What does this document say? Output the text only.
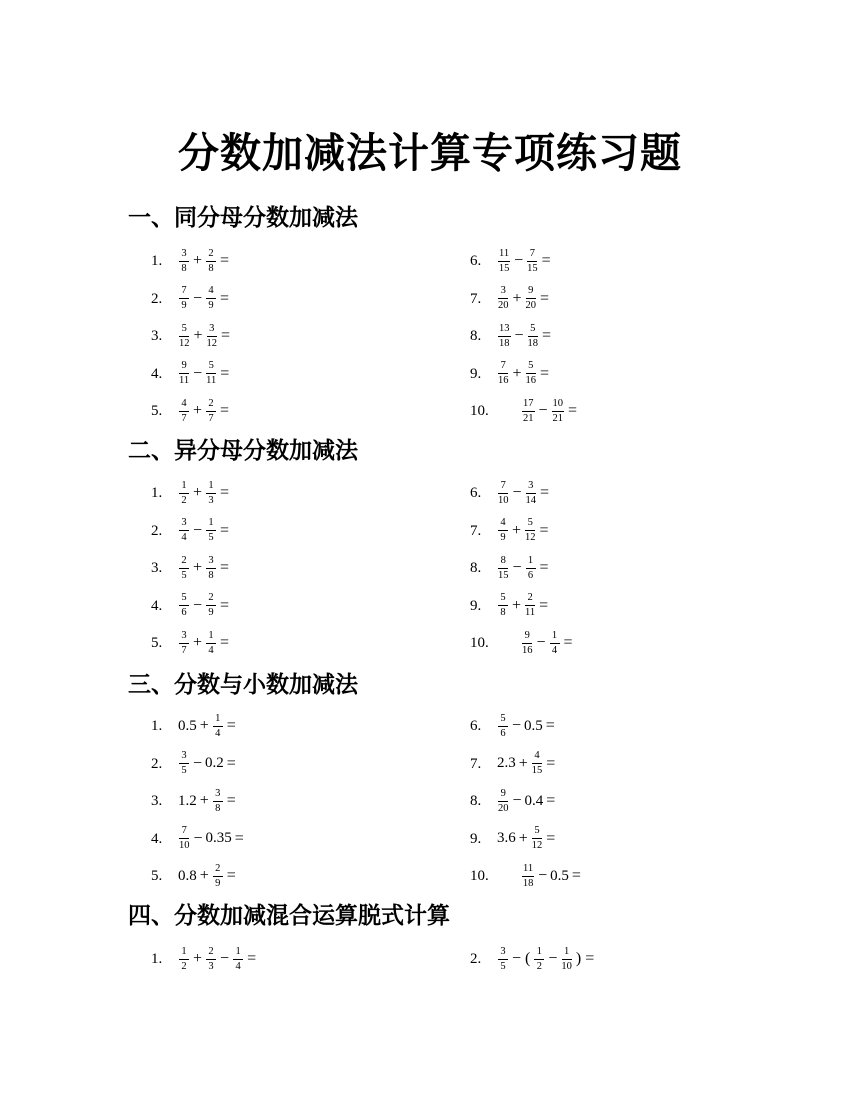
分数加减法计算专项练习题
一、同分母分数加减法
1. $\frac{3}{8} + \frac{2}{8}$ =
2. $\frac{7}{9} - \frac{4}{9}$ =
3. $\frac{5}{12} + \frac{3}{12}$ =
4. $\frac{9}{11} - \frac{5}{11}$ =
5. $\frac{4}{7} + \frac{2}{7}$ =
6. $\frac{11}{15} - \frac{7}{15}$ =
7. $\frac{3}{20} + \frac{9}{20}$ =
8. $\frac{13}{18} - \frac{5}{18}$ =
9. $\frac{7}{16} + \frac{5}{16}$ =
10.	$\frac{17}{21} - \frac{10}{21}$ =
二、异分母分数加减法
1. $\frac{1}{2} + \frac{1}{3}$ =
2. $\frac{3}{4} - \frac{1}{5}$ =
3. $\frac{2}{5} + \frac{3}{8}$ =
4. $\frac{5}{6} - \frac{2}{9}$ =
5. $\frac{3}{7} + \frac{1}{4}$ =
6. $\frac{7}{10} - \frac{3}{14}$ =
7. $\frac{4}{9} + \frac{5}{12}$ =
8. $\frac{8}{15} - \frac{1}{6}$ =
9. $\frac{5}{8} + \frac{2}{11}$ =
10.	$\frac{9}{16} - \frac{1}{4}$ =
三、分数与小数加减法
1. $0.5 + \frac{1}{4}$ =
2. $\frac{3}{5} - 0.2$ =
3. $1.2 + \frac{3}{8}$ =
4. $\frac{7}{10} - 0.35$ =
5. $0.8 + \frac{2}{9}$ =
6. $\frac{5}{6} - 0.5$ =
7. $2.3 + \frac{4}{15}$ =
8. $\frac{9}{20} - 0.4$ =
9. $3.6 + \frac{5}{12}$ =
10.	$\frac{11}{18} - 0.5$ =
四、分数加减混合运算脱式计算
1. $\frac{1}{2} + \frac{2}{3} - \frac{1}{4}$ =	2. $\frac{3}{5}$ − ( $\frac{1}{2} - \frac{1}{10}$ ) =
